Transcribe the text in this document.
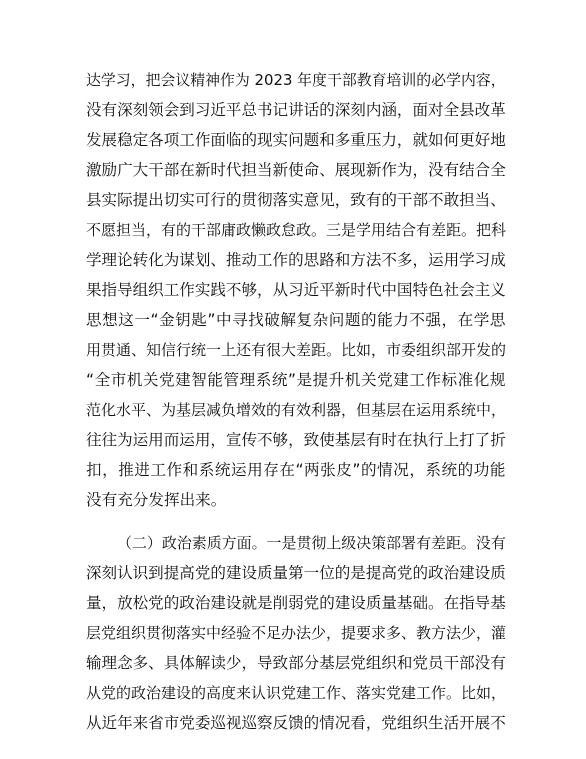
达学习，把会议精神作为 2023 年度干部教育培训的必学内容，
没有深刻领会到习近平总书记讲话的深刻内涵，面对全县改革
发展稳定各项工作面临的现实问题和多重压力，就如何更好地
激励广大干部在新时代担当新使命、展现新作为，没有结合全
县实际提出切实可行的贯彻落实意见，致有的干部不敢担当、
不愿担当，有的干部庸政懒政怠政。三是学用结合有差距。把科
学理论转化为谋划、推动工作的思路和方法不多，运用学习成
果指导组织工作实践不够，从习近平新时代中国特色社会主义
思想这一“金钥匙”中寻找破解复杂问题的能力不强，在学思
用贯通、知信行统一上还有很大差距。比如，市委组织部开发的
“全市机关党建智能管理系统”是提升机关党建工作标准化规
范化水平、为基层减负增效的有效利器，但基层在运用系统中，
往往为运用而运用，宣传不够，致使基层有时在执行上打了折
扣，推进工作和系统运用存在“两张皮”的情况，系统的功能
没有充分发挥出来。
（二）政治素质方面。一是贯彻上级决策部署有差距。没有
深刻认识到提高党的建设质量第一位的是提高党的政治建设质
量，放松党的政治建设就是削弱党的建设质量基础。在指导基
层党组织贯彻落实中经验不足办法少，提要求多、教方法少，灌
输理念多、具体解读少，导致部分基层党组织和党员干部没有
从党的政治建设的高度来认识党建工作、落实党建工作。比如，
从近年来省市党委巡视巡察反馈的情况看，党组织生活开展不
